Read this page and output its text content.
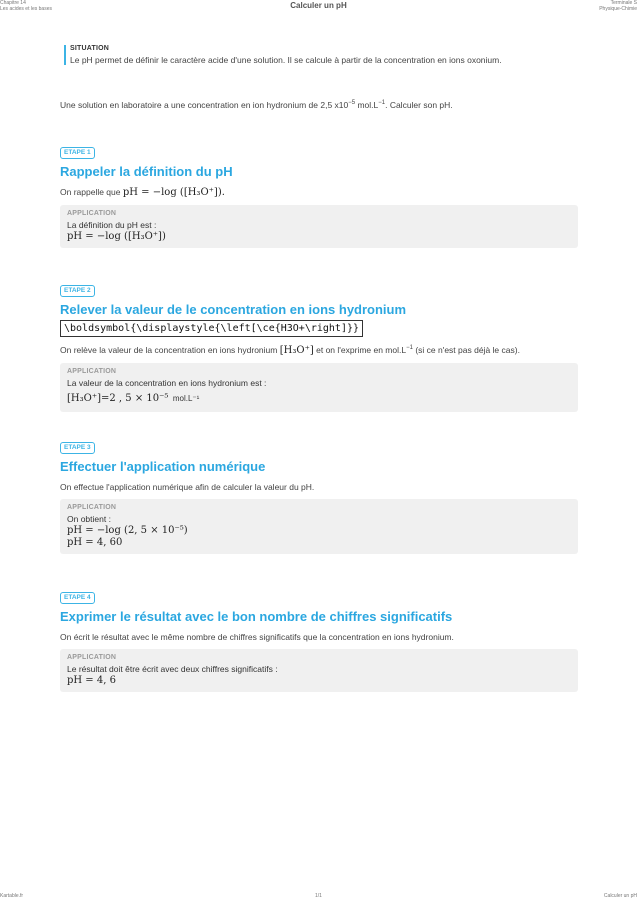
Chapitre 14
Les acides et les bases	Calculer un pH	Terminale S
Physique-Chimie
SITUATION
Le pH permet de définir le caractère acide d'une solution. Il se calcule à partir de la concentration en ions oxonium.
Une solution en laboratoire a une concentration en ion hydronium de 2,5 $x10^{-5}$ $mol.L^{-1}$. Calculer son pH.
ETAPE 1
Rappeler la définition du pH
On rappelle que pH = −log ([H₃O⁺]).
APPLICATION
La définition du pH est :
pH = −log ([H₃O⁺])
ETAPE 2
Relever la valeur de le concentration en ions hydronium
\boldsymbol{\displaystyle{\left[\ce{H3O+\right]}}
On relève la valeur de la concentration en ions hydronium [H₃O⁺] et on l'exprime en $mol.L^{-1}$ (si ce n'est pas déjà le cas).
APPLICATION
La valeur de la concentration en ions hydronium est :
[H₃O⁺]=2 , 5 × 10⁻⁵ mol.L⁻¹
ETAPE 3
Effectuer l'application numérique
On effectue l'application numérique afin de calculer la valeur du pH.
APPLICATION
On obtient :
pH = −log (2, 5 × 10⁻⁵)
pH = 4, 60
ETAPE 4
Exprimer le résultat avec le bon nombre de chiffres significatifs
On écrit le résultat avec le même nombre de chiffres significatifs que la concentration en ions hydronium.
APPLICATION
Le résultat doit être écrit avec deux chiffres significatifs :
pH = 4, 6
Kartable.fr	1/1	Calculer un pH
